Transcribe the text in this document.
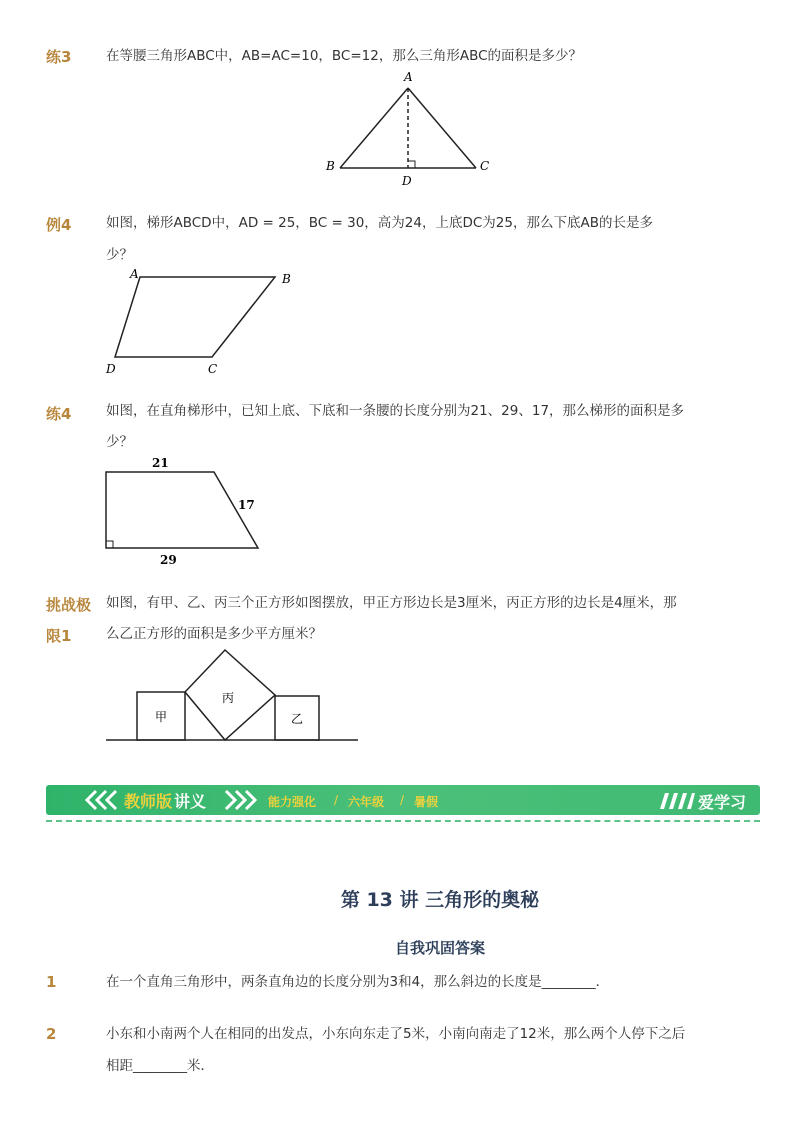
练3	在等腰三角形ABC中，AB=AC=10，BC=12，那么三角形ABC的面积是多少？
A
B	C
D
例4	如图，梯形ABCD中，AD = 25，BC = 30，高为24，上底DC为25，那么下底AB的长是多
少？
A	B
C
D
练4	如图，在直角梯形中，已知上底、下底和一条腰的长度分别为21、29、17，那么梯形的面积是多
少？
21
17
29
挑战极
限1
如图，有甲、乙、丙三个正方形如图摆放，甲正方形边长是3厘米，丙正方形的边长是4厘米，那
么乙正方形的面积是多少平方厘米？
甲
丙
乙
教师版 讲义	能力强化 / 六年级 / 暑假	爱学习
第 13 讲 三角形的奥秘
自我巩固答案
1	在一个直角三角形中，两条直角边的长度分别为3和4，那么斜边的长度是________．
2	小东和小南两个人在相同的出发点，小东向东走了5米，小南向南走了12米，那么两个人停下之后
相距________米．
